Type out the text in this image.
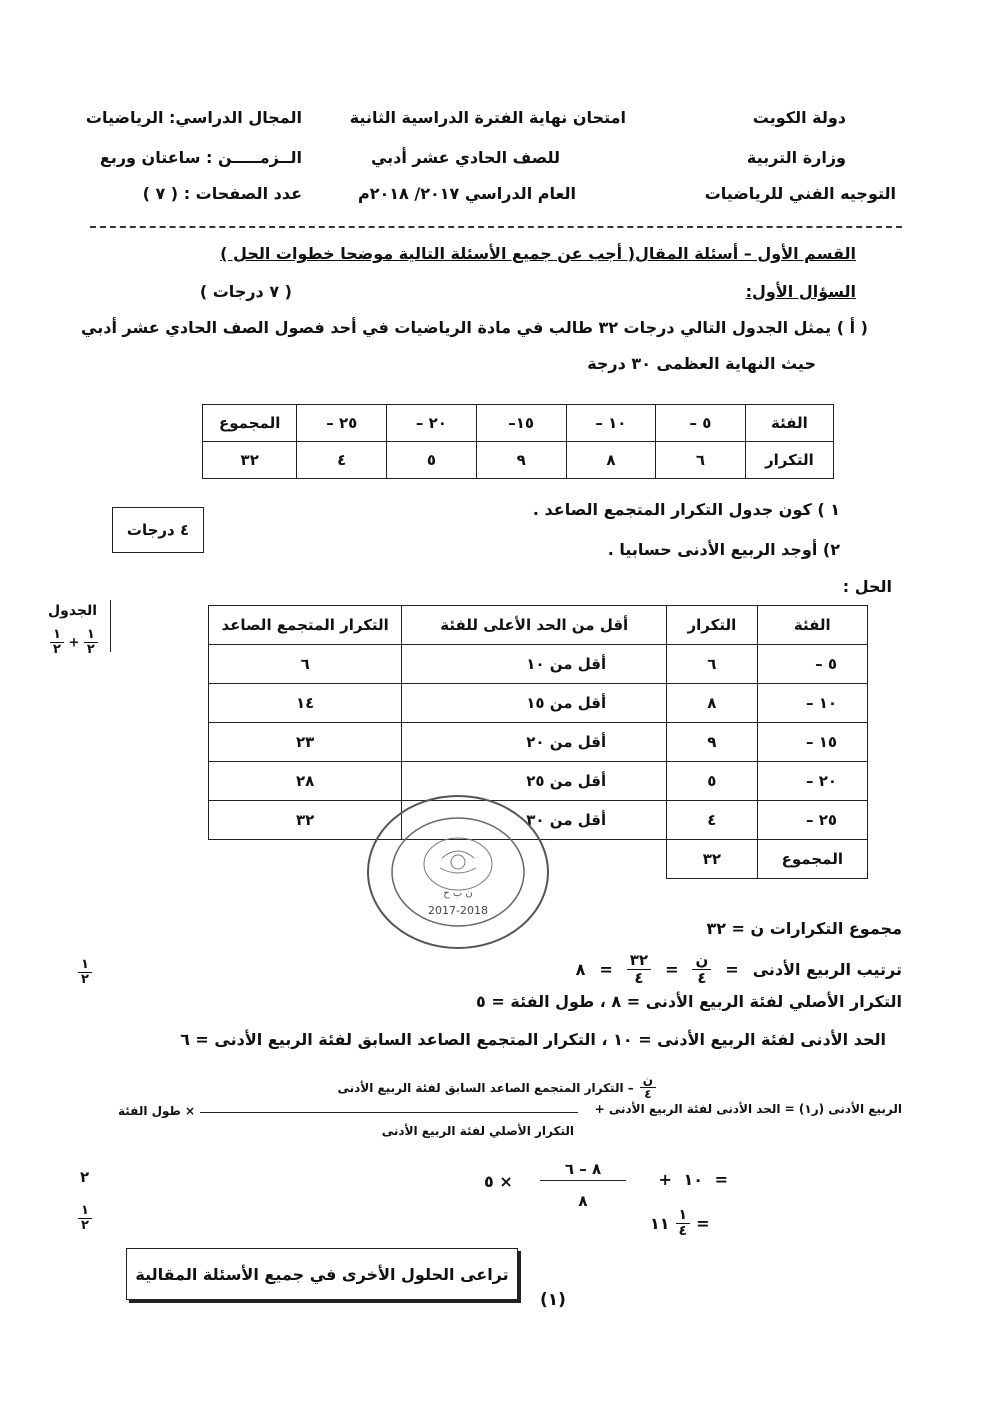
دولة الكويت
وزارة التربية
التوجيه الفني للرياضيات
امتحان نهاية الفترة الدراسية الثانية
للصف الحادي عشر أدبي
العام الدراسي ٢٠١٧/ ٢٠١٨م
المجال الدراسي: الرياضيات
الــزمـــــن : ساعتان وربع
عدد الصفحات : ( ٧ )
القسم الأول – أسئلة المقال( أجب عن جميع الأسئلة التالية موضحا خطوات الحل )
السؤال الأول:
( ٧ درجات )
( أ ) يمثل الجدول التالي درجات ٣٢ طالب في مادة الرياضيات في أحد فصول الصف الحادي عشر أدبي
حيث النهاية العظمى ٣٠ درجة
الفئة	٥ –	١٠ –	١٥–	٢٠ –	٢٥ –	المجموع
التكرار	٦	٨	٩	٥	٤	٣٢
١ ) كون جدول التكرار المتجمع الصاعد .
٢) أوجد الربيع الأدنى حسابيا .
٤ درجات
الحل :
الجدول
$\frac{١}{٢} + \frac{١}{٢}$
الفئة	التكرار	أقل من الحد الأعلى للفئة	التكرار المتجمع الصاعد
٥ –	٦	أقل من ١٠	٦
١٠ –	٨	أقل من ١٥	١٤
١٥ –	٩	أقل من ٢٠	٢٣
٢٠ –	٥	أقل من ٢٥	٢٨
٢٥ –	٤	أقل من ٣٠	٣٢
المجموع	٣٢		
2017-2018
ن ب ح
مجموع التكرارات ن = ٣٢
ترتيب الربيع الأدنى
=
$\frac{\text{ن}}{٤}$
=
$\frac{٣٢}{٤}$
=
٨
التكرار الأصلي لفئة الربيع الأدنى = ٨ ، طول الفئة = ٥
الحد الأدنى لفئة الربيع الأدنى = ١٠ ، التكرار المتجمع الصاعد السابق لفئة الربيع الأدنى = ٦
الربيع الأدنى (ر١) = الحد الأدنى لفئة الربيع الأدنى +
$\frac{\text{ن}}{٤}$
– التكرار المتجمع الصاعد السابق لفئة الربيع الأدنى
التكرار الأصلي لفئة الربيع الأدنى
× طول الفئة
= ١٠ +
٨ – ٦
٨
× ٥
١١ $\frac{١}{٤}$ =
$\frac{١}{٢}$
٢
$\frac{١}{٢}$
تراعى الحلول الأخرى في جميع الأسئلة المقالية
(١)
